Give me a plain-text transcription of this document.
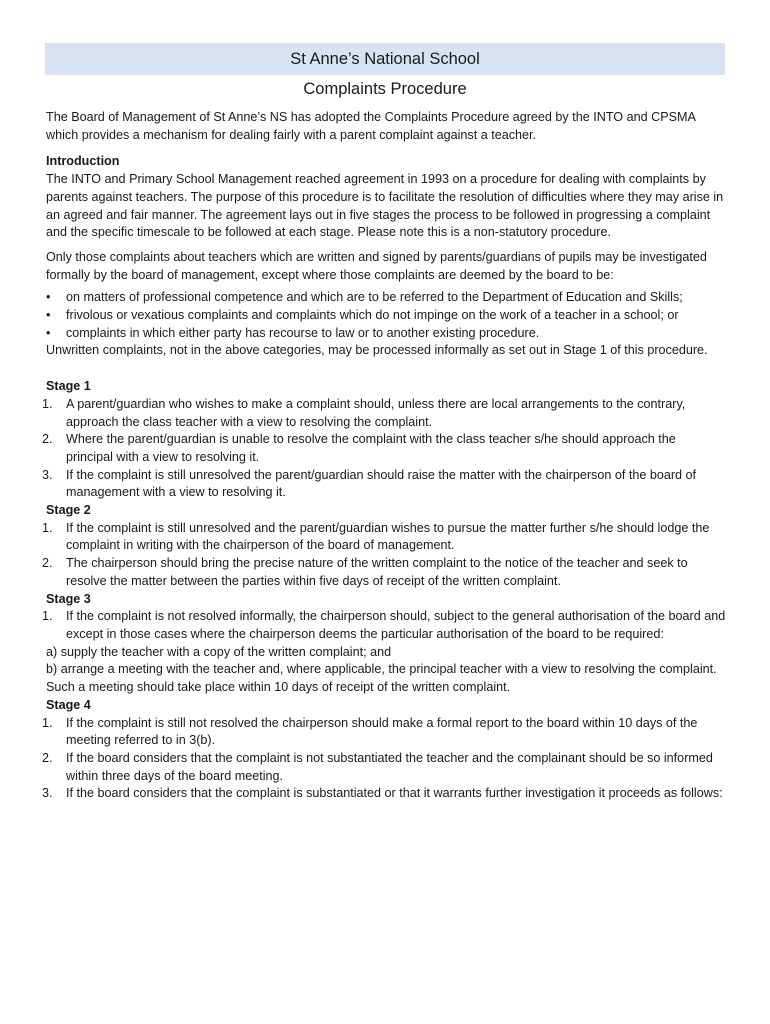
St Anne’s National School
Complaints Procedure

The Board of Management of St Anne’s NS has adopted the Complaints Procedure agreed by the INTO and CPSMA which provides a mechanism for dealing fairly with a parent complaint against a teacher.

Introduction

The INTO and Primary School Management reached agreement in 1993 on a procedure for dealing with complaints by parents against teachers. The purpose of this procedure is to facilitate the resolution of difficulties where they may arise in an agreed and fair manner. The agreement lays out in five stages the process to be followed in progressing a complaint and the specific timescale to be followed at each stage. Please note this is a non-statutory procedure.

Only those complaints about teachers which are written and signed by parents/guardians of pupils may be investigated formally by the board of management, except where those complaints are deemed by the board to be:

• on matters of professional competence and which are to be referred to the Department of Education and Skills;
• frivolous or vexatious complaints and complaints which do not impinge on the work of a teacher in a school; or
• complaints in which either party has recourse to law or to another existing procedure.

Unwritten complaints, not in the above categories, may be processed informally as set out in Stage 1 of this procedure.

Stage 1

1. A parent/guardian who wishes to make a complaint should, unless there are local arrangements to the contrary, approach the class teacher with a view to resolving the complaint.
2. Where the parent/guardian is unable to resolve the complaint with the class teacher s/he should approach the principal with a view to resolving it.
3. If the complaint is still unresolved the parent/guardian should raise the matter with the chairperson of the board of management with a view to resolving it.

Stage 2

1. If the complaint is still unresolved and the parent/guardian wishes to pursue the matter further s/he should lodge the complaint in writing with the chairperson of the board of management.
2. The chairperson should bring the precise nature of the written complaint to the notice of the teacher and seek to resolve the matter between the parties within five days of receipt of the written complaint.

Stage 3

1. If the complaint is not resolved informally, the chairperson should, subject to the general authorisation of the board and except in those cases where the chairperson deems the particular authorisation of the board to be required:

a) supply the teacher with a copy of the written complaint; and

b) arrange a meeting with the teacher and, where applicable, the principal teacher with a view to resolving the complaint. Such a meeting should take place within 10 days of receipt of the written complaint.

Stage 4

1. If the complaint is still not resolved the chairperson should make a formal report to the board within 10 days of the meeting referred to in 3(b).
2. If the board considers that the complaint is not substantiated the teacher and the complainant should be so informed within three days of the board meeting.
3. If the board considers that the complaint is substantiated or that it warrants further investigation it proceeds as follows:
